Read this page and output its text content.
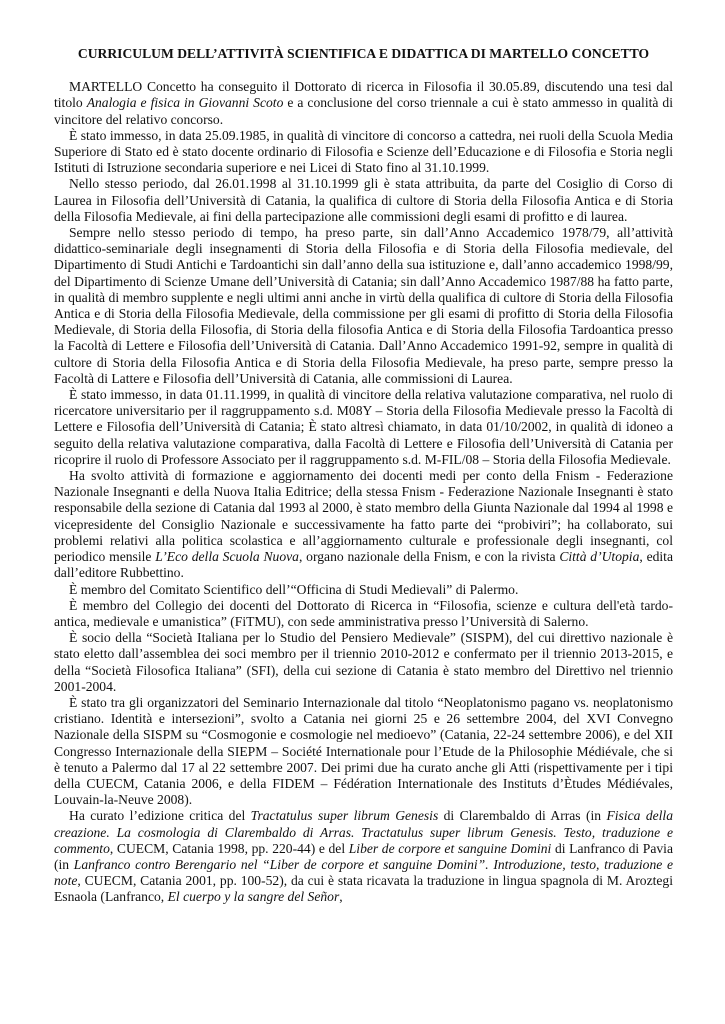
CURRICULUM DELL’ATTIVITÀ SCIENTIFICA E DIDATTICA DI MARTELLO CONCETTO

MARTELLO Concetto ha conseguito il Dottorato di ricerca in Filosofia il 30.05.89, discutendo una tesi dal titolo Analogia e fisica in Giovanni Scoto e a conclusione del corso triennale a cui è stato ammesso in qualità di vincitore del relativo concorso.

È stato immesso, in data 25.09.1985, in qualità di vincitore di concorso a cattedra, nei ruoli della Scuola Media Superiore di Stato ed è stato docente ordinario di Filosofia e Scienze dell’Educazione e di Filosofia e Storia negli Istituti di Istruzione secondaria superiore e nei Licei di Stato fino al 31.10.1999.

Nello stesso periodo, dal 26.01.1998 al 31.10.1999 gli è stata attribuita, da parte del Cosiglio di Corso di Laurea in Filosofia dell’Università di Catania, la qualifica di cultore di Storia della Filosofia Antica e di Storia della Filosofia Medievale, ai fini della partecipazione alle commissioni degli esami di profitto e di laurea.

Sempre nello stesso periodo di tempo, ha preso parte, sin dall’Anno Accademico 1978/79, all’attività didattico-seminariale degli insegnamenti di Storia della Filosofia e di Storia della Filosofia medievale, del Dipartimento di Studi Antichi e Tardoantichi sin dall’anno della sua istituzione e, dall’anno accademico 1998/99, del Dipartimento di Scienze Umane dell’Università di Catania; sin dall’Anno Accademico 1987/88 ha fatto parte, in qualità di membro supplente e negli ultimi anni anche in virtù della qualifica di cultore di Storia della Filosofia Antica e di Storia della Filosofia Medievale, della commissione per gli esami di profitto di Storia della Filosofia Medievale, di Storia della Filosofia, di Storia della filosofia Antica e di Storia della Filosofia Tardoantica presso la Facoltà di Lettere e Filosofia dell’Università di Catania. Dall’Anno Accademico 1991-92, sempre in qualità di cultore di Storia della Filosofia Antica e di Storia della Filosofia Medievale, ha preso parte, sempre presso la Facoltà di Lattere e Filosofia dell’Università di Catania, alle commissioni di Laurea.

È stato immesso, in data 01.11.1999, in qualità di vincitore della relativa valutazione comparativa, nel ruolo di ricercatore universitario per il raggruppamento s.d. M08Y – Storia della Filosofia Medievale presso la Facoltà di Lettere e Filosofia dell’Università di Catania; È stato altresì chiamato, in data 01/10/2002, in qualità di idoneo a seguito della relativa valutazione comparativa, dalla Facoltà di Lettere e Filosofia dell’Università di Catania per ricoprire il ruolo di Professore Associato per il raggruppamento s.d. M-FIL/08 – Storia della Filosofia Medievale.

Ha svolto attività di formazione e aggiornamento dei docenti medi per conto della Fnism - Federazione Nazionale Insegnanti e della Nuova Italia Editrice; della stessa Fnism - Federazione Nazionale Insegnanti è stato responsabile della sezione di Catania dal 1993 al 2000, è stato membro della Giunta Nazionale dal 1994 al 1998 e vicepresidente del Consiglio Nazionale e successivamente ha fatto parte dei “probiviri”; ha collaborato, sui problemi relativi alla politica scolastica e all’aggiornamento culturale e professionale degli insegnanti, col periodico mensile L’Eco della Scuola Nuova, organo nazionale della Fnism, e con la rivista Città d’Utopia, edita dall’editore Rubbettino.

È membro del Comitato Scientifico dell’“Officina di Studi Medievali” di Palermo.

È membro del Collegio dei docenti del Dottorato di Ricerca in “Filosofia, scienze e cultura dell'età tardo-antica, medievale e umanistica” (FiTMU), con sede amministrativa presso l’Università di Salerno.

È socio della “Società Italiana per lo Studio del Pensiero Medievale” (SISPM), del cui direttivo nazionale è stato eletto dall’assemblea dei soci membro per il triennio 2010-2012 e confermato per il triennio 2013-2015, e della “Società Filosofica Italiana” (SFI), della cui sezione di Catania è stato membro del Direttivo nel triennio 2001-2004.

È stato tra gli organizzatori del Seminario Internazionale dal titolo “Neoplatonismo pagano vs. neoplatonismo cristiano. Identità e intersezioni”, svolto a Catania nei giorni 25 e 26 settembre 2004, del XVI Convegno Nazionale della SISPM su “Cosmogonie e cosmologie nel medioevo” (Catania, 22-24 settembre 2006), e del XII Congresso Internazionale della SIEPM – Société Internationale pour l’Etude de la Philosophie Médiévale, che si è tenuto a Palermo dal 17 al 22 settembre 2007. Dei primi due ha curato anche gli Atti (rispettivamente per i tipi della CUECM, Catania 2006, e della FIDEM – Fédération Internationale des Instituts d’Ètudes Médiévales, Louvain-la-Neuve 2008).

Ha curato l’edizione critica del Tractatulus super librum Genesis di Clarembaldo di Arras (in Fisica della creazione. La cosmologia di Clarembaldo di Arras. Tractatulus super librum Genesis. Testo, traduzione e commento, CUECM, Catania 1998, pp. 220-44) e del Liber de corpore et sanguine Domini di Lanfranco di Pavia (in Lanfranco contro Berengario nel “Liber de corpore et sanguine Domini”. Introduzione, testo, traduzione e note, CUECM, Catania 2001, pp. 100-52), da cui è stata ricavata la traduzione in lingua spagnola di M. Aroztegi Esnaola (Lanfranco, El cuerpo y la sangre del Señor,
